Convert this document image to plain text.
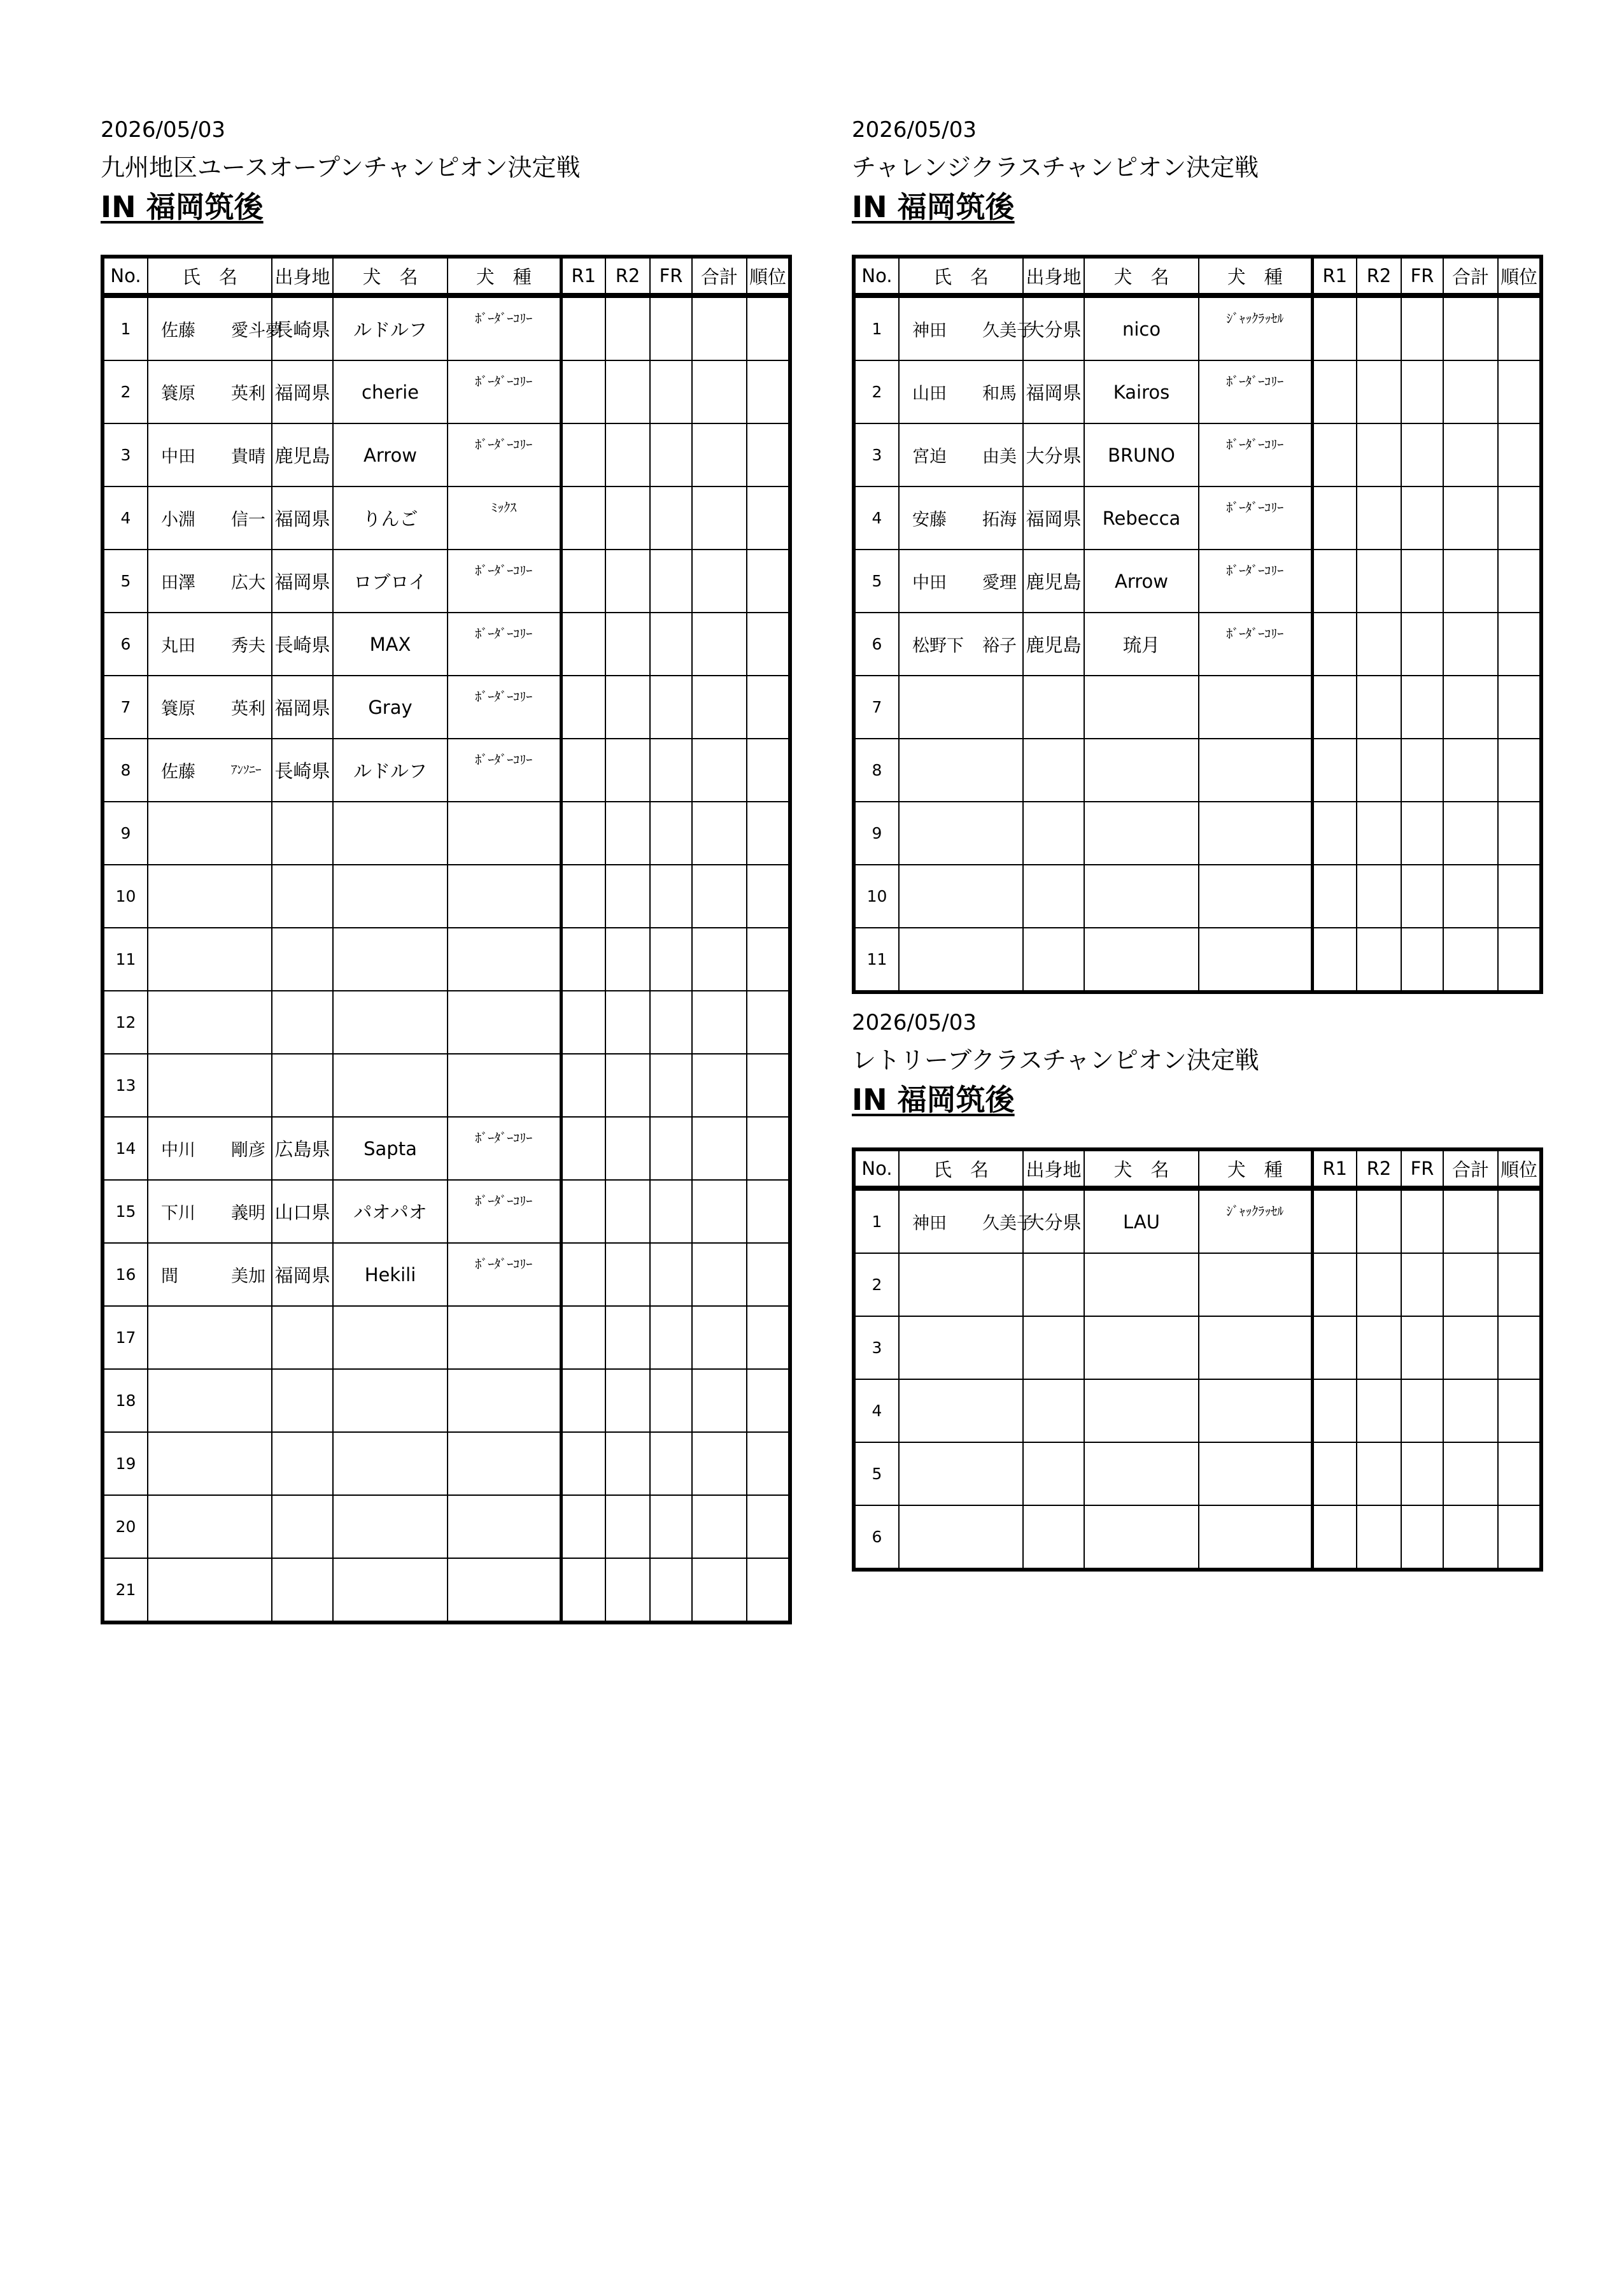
2026/05/03
九州地区ユースオープンチャンピオン決定戦
IN 福岡筑後
No.	氏　名	出身地	犬　名	犬　種	R1	R2	FR	合計	順位
1	佐藤 愛斗夢	長崎県	ルドルフ	ﾎﾞｰﾀﾞｰｺﾘｰ					
2	簑原 英利	福岡県	cherie	ﾎﾞｰﾀﾞｰｺﾘｰ					
3	中田 貴晴	鹿児島	Arrow	ﾎﾞｰﾀﾞｰｺﾘｰ					
4	小淵 信一	福岡県	りんご	ﾐｯｸｽ					
5	田澤 広大	福岡県	ロブロイ	ﾎﾞｰﾀﾞｰｺﾘｰ					
6	丸田 秀夫	長崎県	MAX	ﾎﾞｰﾀﾞｰｺﾘｰ					
7	簑原 英利	福岡県	Gray	ﾎﾞｰﾀﾞｰｺﾘｰ					
8	佐藤 $^{ｱﾝｿﾆｰ}$	長崎県	ルドルフ	ﾎﾞｰﾀﾞｰｺﾘｰ					
9									
10									
11									
12									
13									
14	中川 剛彦	広島県	Sapta	ﾎﾞｰﾀﾞｰｺﾘｰ					
15	下川 義明	山口県	パオパオ	ﾎﾞｰﾀﾞｰｺﾘｰ					
16	間 美加	福岡県	Hekili	ﾎﾞｰﾀﾞｰｺﾘｰ					
17									
18									
19									
20									
21									
2026/05/03
チャレンジクラスチャンピオン決定戦
IN 福岡筑後
No.	氏　名	出身地	犬　名	犬　種	R1	R2	FR	合計	順位
1	神田 久美子	大分県	nico	ｼﾞｬｯｸﾗｯｾﾙ					
2	山田 和馬	福岡県	Kairos	ﾎﾞｰﾀﾞｰｺﾘｰ					
3	宮迫 由美	大分県	BRUNO	ﾎﾞｰﾀﾞｰｺﾘｰ					
4	安藤 拓海	福岡県	Rebecca	ﾎﾞｰﾀﾞｰｺﾘｰ					
5	中田 愛理	鹿児島	Arrow	ﾎﾞｰﾀﾞｰｺﾘｰ					
6	松野下 裕子	鹿児島	琉月	ﾎﾞｰﾀﾞｰｺﾘｰ					
7									
8									
9									
10									
11									
2026/05/03
レトリーブクラスチャンピオン決定戦
IN 福岡筑後
No.	氏　名	出身地	犬　名	犬　種	R1	R2	FR	合計	順位
1	神田 久美子	大分県	LAU	ｼﾞｬｯｸﾗｯｾﾙ					
2									
3									
4									
5									
6									
